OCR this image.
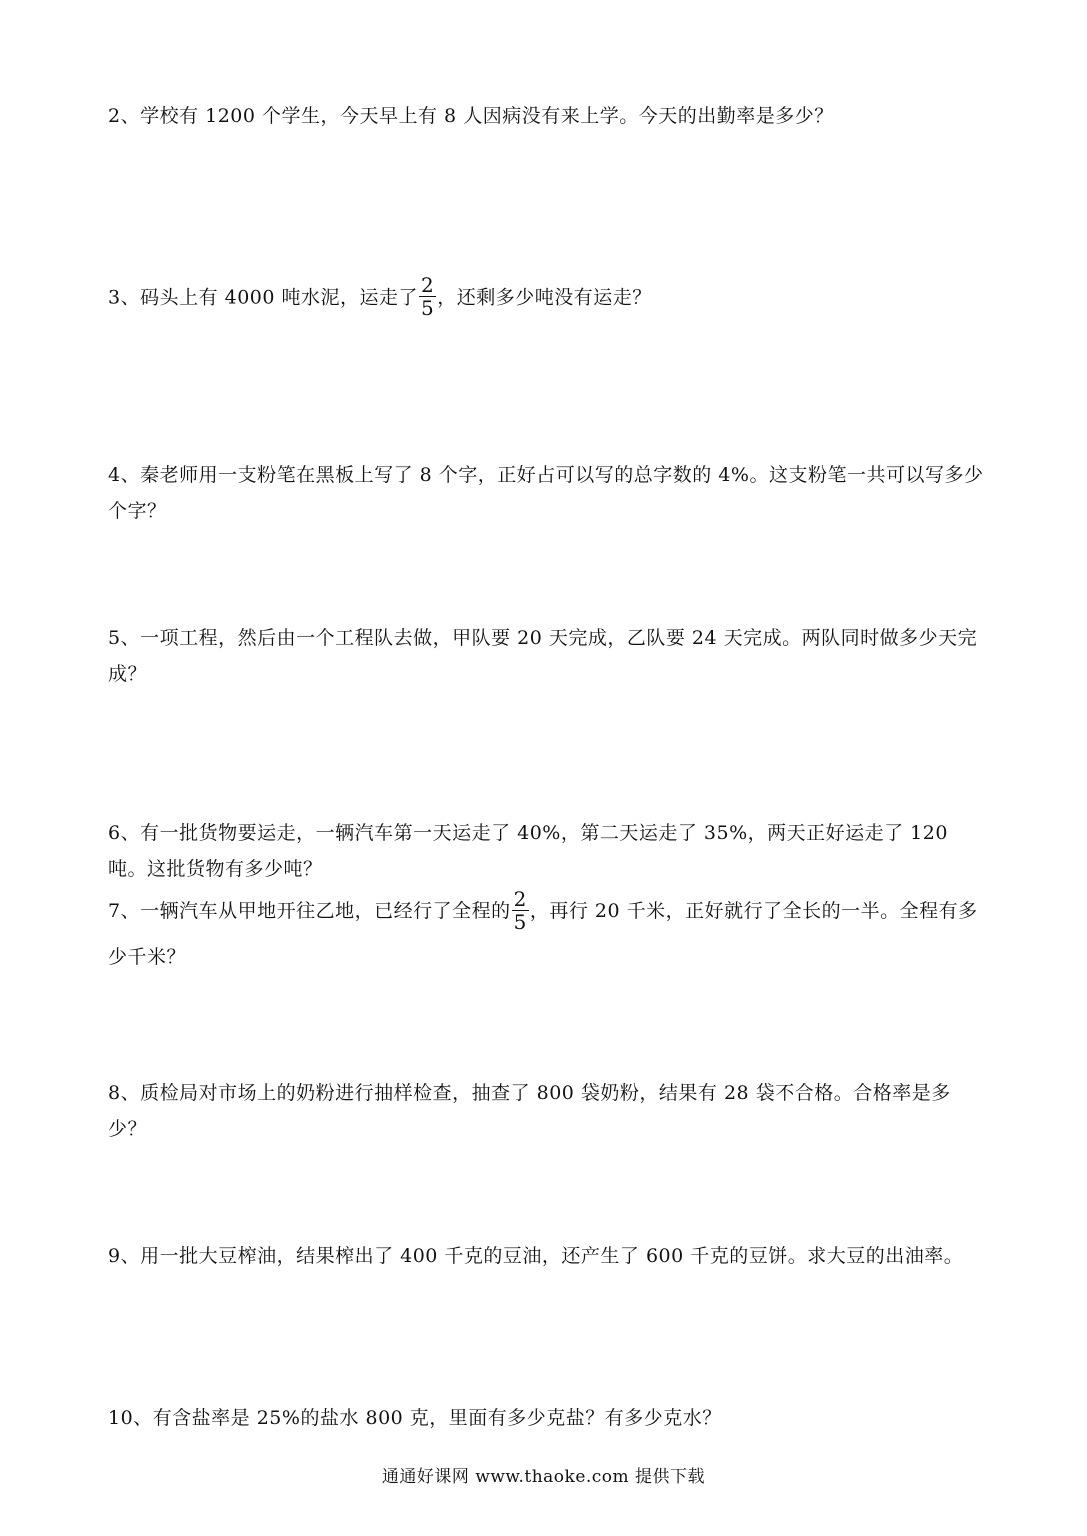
2、学校有 1200 个学生，今天早上有 8 人因病没有来上学。今天的出勤率是多少？
3、码头上有 4000 吨水泥，运走了 $\frac{2}{5}$ ，还剩多少吨没有运走？
4、秦老师用一支粉笔在黑板上写了 8 个字，正好占可以写的总字数的 4%。这支粉笔一共可以写多少个字？
5、一项工程，然后由一个工程队去做，甲队要 20 天完成，乙队要 24 天完成。两队同时做多少天完成？
6、有一批货物要运走，一辆汽车第一天运走了 40%，第二天运走了 35%，两天正好运走了 120 吨。这批货物有多少吨？
7、一辆汽车从甲地开往乙地，已经行了全程的 $\frac{2}{5}$ ，再行 20 千米，正好就行了全长的一半。全程有多少千米？
8、质检局对市场上的奶粉进行抽样检查，抽查了 800 袋奶粉，结果有 28 袋不合格。合格率是多少？
9、用一批大豆榨油，结果榨出了 400 千克的豆油，还产生了 600 千克的豆饼。求大豆的出油率。
10、有含盐率是 25%的盐水 800 克，里面有多少克盐？有多少克水？
通通好课网 www.thaoke.com 提供下载
